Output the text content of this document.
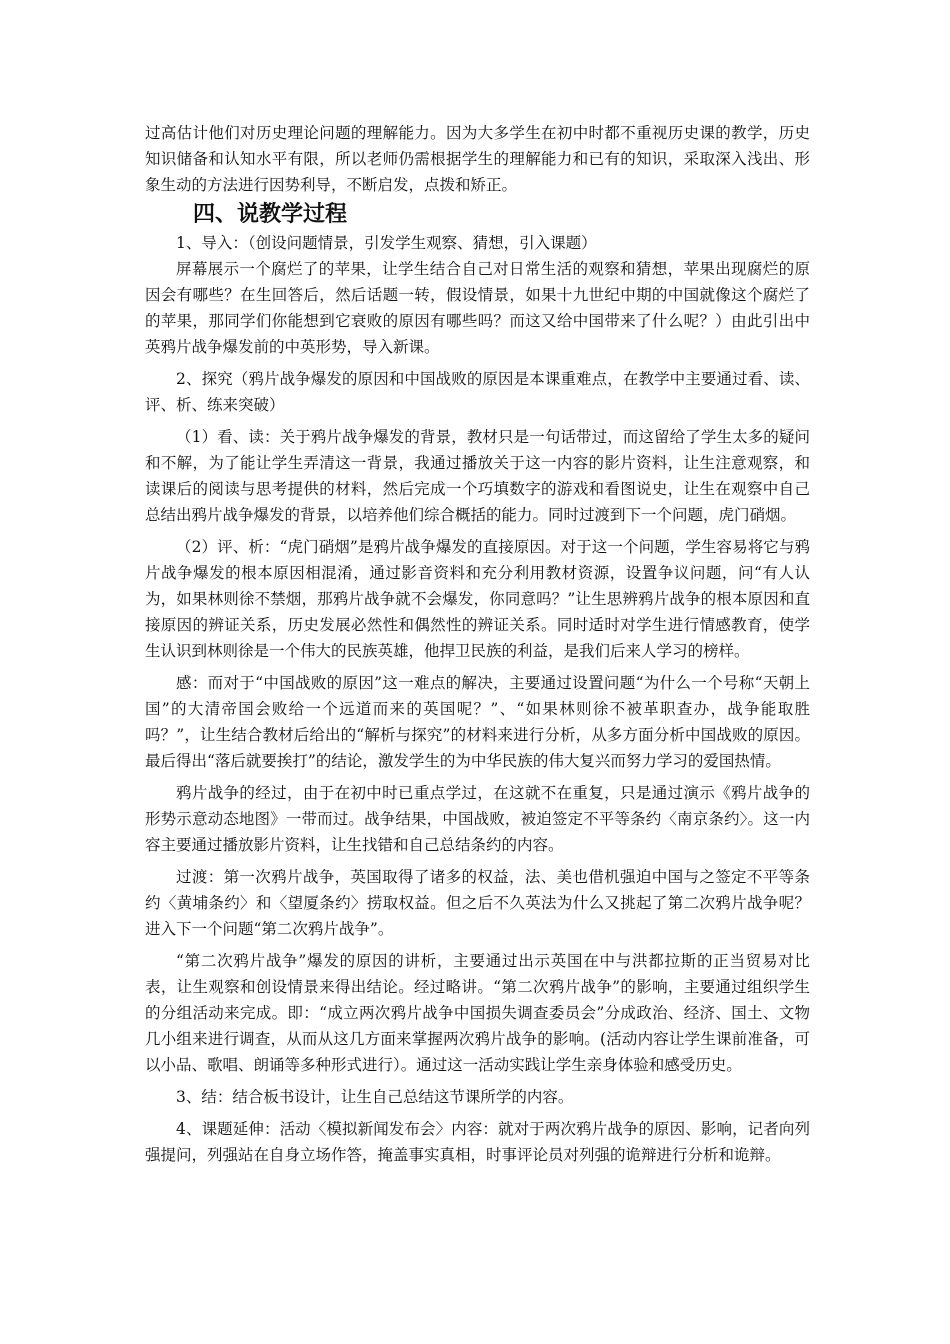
过高估计他们对历史理论问题的理解能力。因为大多学生在初中时都不重视历史课的教学，历史知识储备和认知水平有限，所以老师仍需根据学生的理解能力和已有的知识，采取深入浅出、形象生动的方法进行因势利导，不断启发，点拨和矫正。

四、说教学过程

1、导入：（创设问题情景，引发学生观察、猜想，引入课题）

屏幕展示一个腐烂了的苹果，让学生结合自己对日常生活的观察和猜想，苹果出现腐烂的原因会有哪些？在生回答后，然后话题一转，假设情景，如果十九世纪中期的中国就像这个腐烂了的苹果，那同学们你能想到它衰败的原因有哪些吗？而这又给中国带来了什么呢？）由此引出中英鸦片战争爆发前的中英形势，导入新课。

2、探究（鸦片战争爆发的原因和中国战败的原因是本课重难点，在教学中主要通过看、读、评、析、练来突破）

（1）看、读：关于鸦片战争爆发的背景，教材只是一句话带过，而这留给了学生太多的疑问和不解，为了能让学生弄清这一背景，我通过播放关于这一内容的影片资料，让生注意观察，和读课后的阅读与思考提供的材料，然后完成一个巧填数字的游戏和看图说史，让生在观察中自己总结出鸦片战争爆发的背景，以培养他们综合概括的能力。同时过渡到下一个问题，虎门硝烟。

（2）评、析：“虎门硝烟”是鸦片战争爆发的直接原因。对于这一个问题，学生容易将它与鸦片战争爆发的根本原因相混淆，通过影音资料和充分利用教材资源，设置争议问题，问“有人认为，如果林则徐不禁烟，那鸦片战争就不会爆发，你同意吗？”让生思辨鸦片战争的根本原因和直接原因的辨证关系，历史发展必然性和偶然性的辨证关系。同时适时对学生进行情感教育，使学生认识到林则徐是一个伟大的民族英雄，他捍卫民族的利益，是我们后来人学习的榜样。

感：而对于“中国战败的原因”这一难点的解决，主要通过设置问题“为什么一个号称“天朝上国”的大清帝国会败给一个远道而来的英国呢？”、“如果林则徐不被革职查办，战争能取胜吗？”，让生结合教材后给出的“解析与探究”的材料来进行分析，从多方面分析中国战败的原因。最后得出“落后就要挨打”的结论，激发学生的为中华民族的伟大复兴而努力学习的爱国热情。

鸦片战争的经过，由于在初中时已重点学过，在这就不在重复，只是通过演示《鸦片战争的形势示意动态地图》一带而过。战争结果，中国战败，被迫签定不平等条约〈南京条约〉。这一内容主要通过播放影片资料，让生找错和自己总结条约的内容。

过渡：第一次鸦片战争，英国取得了诸多的权益，法、美也借机强迫中国与之签定不平等条约〈黄埔条约〉和〈望厦条约〉捞取权益。但之后不久英法为什么又挑起了第二次鸦片战争呢？进入下一个问题“第二次鸦片战争”。

“第二次鸦片战争”爆发的原因的讲析，主要通过出示英国在中与洪都拉斯的正当贸易对比表，让生观察和创设情景来得出结论。经过略讲。“第二次鸦片战争”的影响，主要通过组织学生的分组活动来完成。即：“成立两次鸦片战争中国损失调查委员会”分成政治、经济、国土、文物几小组来进行调查，从而从这几方面来掌握两次鸦片战争的影响。(活动内容让学生课前准备，可以小品、歌唱、朗诵等多种形式进行）。通过这一活动实践让学生亲身体验和感受历史。

3、结：结合板书设计，让生自己总结这节课所学的内容。

4、课题延伸：活动〈模拟新闻发布会〉内容：就对于两次鸦片战争的原因、影响，记者向列强提问，列强站在自身立场作答，掩盖事实真相，时事评论员对列强的诡辩进行分析和诡辩。
